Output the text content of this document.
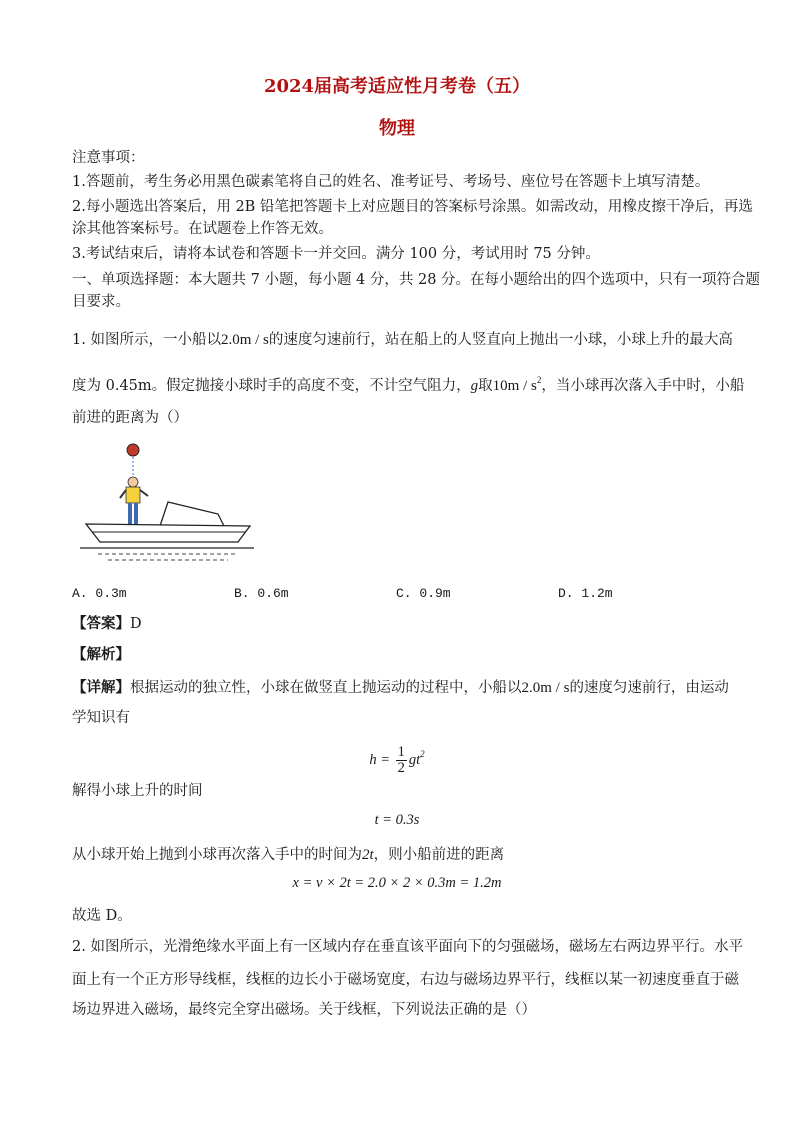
2024届高考适应性月考卷（五）
物理
注意事项：
1.答题前，考生务必用黑色碳素笔将自己的姓名、准考证号、考场号、座位号在答题卡上填写清楚。
2.每小题选出答案后，用 2B 铅笔把答题卡上对应题目的答案标号涂黑。如需改动，用橡皮擦干净后，再选
涂其他答案标号。在试题卷上作答无效。
3.考试结束后，请将本试卷和答题卡一并交回。满分 100 分，考试用时 75 分钟。
一、单项选择题：本大题共 7 小题，每小题 4 分，共 28 分。在每小题给出的四个选项中，只有一项符合题
目要求。
1. 如图所示，一小船以2.0m / s的速度匀速前行，站在船上的人竖直向上抛出一小球，小球上升的最大高
度为 0.45m。假定抛接小球时手的高度不变，不计空气阻力，g取$10m / s^2$，当小球再次落入手中时，小船
前进的距离为（）
A. 0.3m	B. 0.6m	C. 0.9m	D. 1.2m
【答案】D
【解析】
【详解】根据运动的独立性，小球在做竖直上抛运动的过程中，小船以2.0m / s的速度匀速前行，由运动
学知识有
$h = \frac{1}{2} gt^2$
解得小球上升的时间
t = 0.3s
从小球开始上抛到小球再次落入手中的时间为2t，则小船前进的距离
x = v × 2t = 2.0 × 2 × 0.3m = 1.2m
故选 D。
2. 如图所示，光滑绝缘水平面上有一区域内存在垂直该平面向下的匀强磁场，磁场左右两边界平行。水平
面上有一个正方形导线框，线框的边长小于磁场宽度，右边与磁场边界平行，线框以某一初速度垂直于磁
场边界进入磁场，最终完全穿出磁场。关于线框，下列说法正确的是（）
